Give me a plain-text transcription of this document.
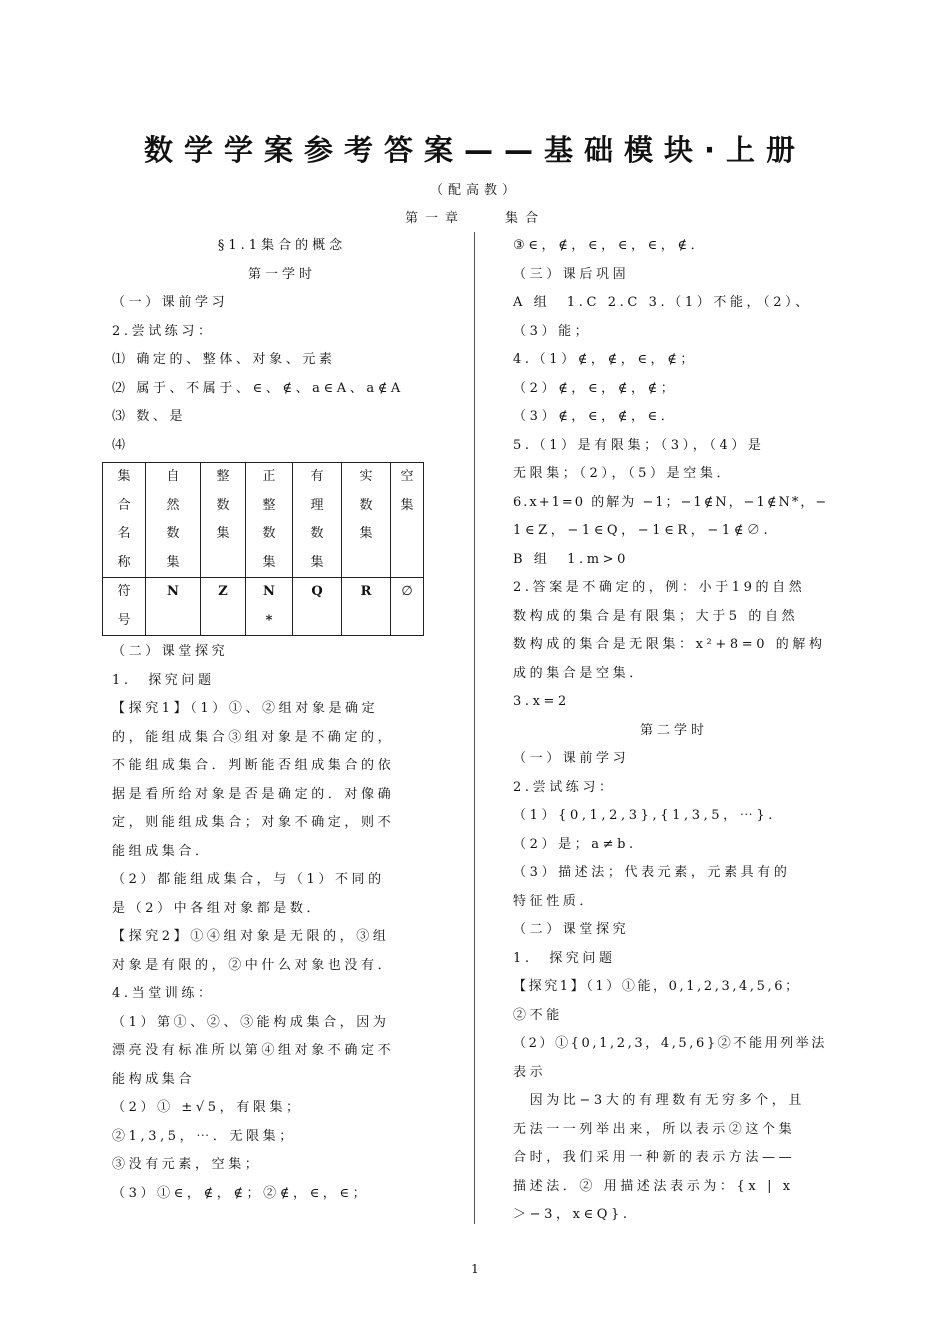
数学学案参考答案——基础模块·上册
（配高教）
第一章	集合
§1.1集合的概念
第一学时
（一）课前学习
2.尝试练习：
⑴ 确定的、整体、对象、元素
⑵ 属于、不属于、∈、∉、a∈A、a∉A
⑶ 数、是
⑷
集合名称	自然数集	整数集	正整数集	有理数集	实数集	空集

符号	N	Z	N*	Q	R	∅
（二）课堂探究
1.　探究问题
【探究1】（1）①、②组对象是确定
的，能组成集合③组对象是不确定的，
不能组成集合．判断能否组成集合的依
据是看所给对象是否是确定的．对像确
定，则能组成集合；对象不确定，则不
能组成集合．
（2）都能组成集合，与（1）不同的
是（2）中各组对象都是数．
【探究2】①④组对象是无限的，③组
对象是有限的，②中什么对象也没有．
4.当堂训练：
（1）第①、②、③能构成集合，因为
漂亮没有标准所以第④组对象不确定不
能构成集合
（2）① ±√5，有限集；
②1,3,5，⋯．无限集；
③没有元素，空集；
（3）①∈，∉，∉；②∉，∈，∈；
③∈，∉，∈，∈，∈，∉．
（三）课后巩固
A 组　1.C 2.C 3.（1）不能，（2）、
（3）能；
4.（1）∉，∉，∈，∉；
（2）∉，∈，∉，∉；
（3）∉，∈，∉，∈．
5.（1）是有限集；（3），（4）是
无限集；（2），（5）是空集．
6.x+1=0 的解为 −1；−1∉N，−1∉N*，−
1∈Z，−1∈Q，−1∈R，−1∉∅.
B 组　1.m>0
2.答案是不确定的，例：小于19的自然
数构成的集合是有限集；大于5 的自然
数构成的集合是无限集：x²+8=0 的解构
成的集合是空集．
3.x=2
第二学时
（一）课前学习
2.尝试练习：
（1）{0,1,2,3},{1,3,5，⋯}.
（2）是；a≠b.
（3）描述法；代表元素，元素具有的
特征性质．
（二）课堂探究
1.　探究问题
【探究1】（1）①能，0,1,2,3,4,5,6；
②不能
（2）①{0,1,2,3，4,5,6}②不能用列举法
表示
　因为比−3大的有理数有无穷多个，且
无法一一列举出来，所以表示②这个集
合时，我们采用一种新的表示方法——
描述法．② 用描述法表示为：{x | x
＞−3，x∈Q}.
1
